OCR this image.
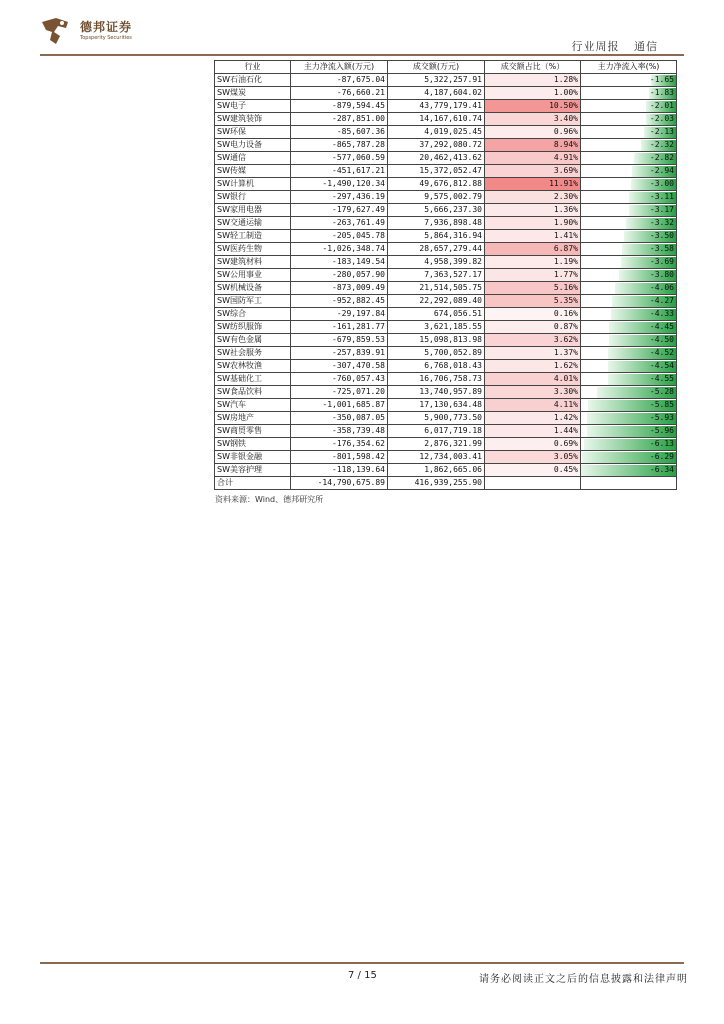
德邦证券
Topsperity Securities
行业周报 通信
行业	主力净流入额(万元)	成交额(万元)	成交额占比（%）	主力净流入率(%)
SW石油石化	-87,675.04	5,322,257.91	1.28%	-1.65
SW煤炭	-76,660.21	4,187,604.02	1.00%	-1.83
SW电子	-879,594.45	43,779,179.41	10.50%	-2.01
SW建筑装饰	-287,851.00	14,167,610.74	3.40%	-2.03
SW环保	-85,607.36	4,019,025.45	0.96%	-2.13
SW电力设备	-865,787.28	37,292,080.72	8.94%	-2.32
SW通信	-577,060.59	20,462,413.62	4.91%	-2.82
SW传媒	-451,617.21	15,372,052.47	3.69%	-2.94
SW计算机	-1,490,120.34	49,676,812.88	11.91%	-3.00
SW银行	-297,436.19	9,575,002.79	2.30%	-3.11
SW家用电器	-179,627.49	5,666,237.30	1.36%	-3.17
SW交通运输	-263,761.49	7,936,898.48	1.90%	-3.32
SW轻工制造	-205,045.78	5,864,316.94	1.41%	-3.50
SW医药生物	-1,026,348.74	28,657,279.44	6.87%	-3.58
SW建筑材料	-183,149.54	4,958,399.82	1.19%	-3.69
SW公用事业	-280,057.90	7,363,527.17	1.77%	-3.80
SW机械设备	-873,009.49	21,514,505.75	5.16%	-4.06
SW国防军工	-952,882.45	22,292,089.40	5.35%	-4.27
SW综合	-29,197.84	674,056.51	0.16%	-4.33
SW纺织服饰	-161,281.77	3,621,185.55	0.87%	-4.45
SW有色金属	-679,859.53	15,098,813.98	3.62%	-4.50
SW社会服务	-257,839.91	5,700,052.89	1.37%	-4.52
SW农林牧渔	-307,470.58	6,768,018.43	1.62%	-4.54
SW基础化工	-760,057.43	16,706,758.73	4.01%	-4.55
SW食品饮料	-725,071.20	13,740,957.89	3.30%	-5.28
SW汽车	-1,001,685.87	17,130,634.48	4.11%	-5.85
SW房地产	-350,087.05	5,900,773.50	1.42%	-5.93
SW商贸零售	-358,739.48	6,017,719.18	1.44%	-5.96
SW钢铁	-176,354.62	2,876,321.99	0.69%	-6.13
SW非银金融	-801,598.42	12,734,003.41	3.05%	-6.29
SW美容护理	-118,139.64	1,862,665.06	0.45%	-6.34
合计	-14,790,675.89	416,939,255.90		
资料来源：Wind、德邦研究所
7 / 15	请务必阅读正文之后的信息披露和法律声明
